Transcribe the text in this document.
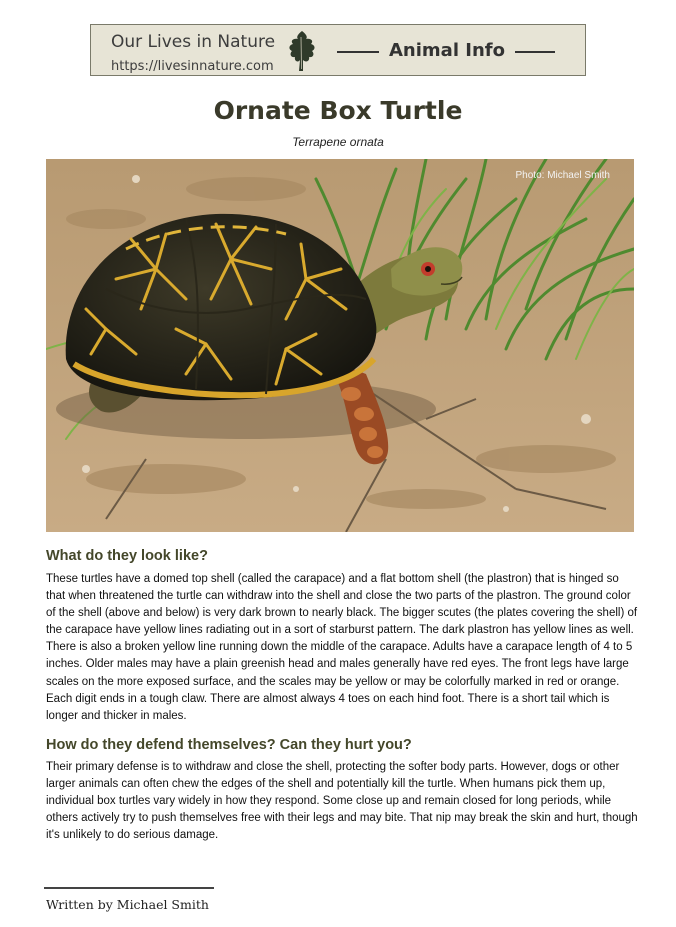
Our Lives in Nature
https://livesinnature.com
Animal Info
Ornate Box Turtle
Terrapene ornata
Photo: Michael Smith
What do they look like?

These turtles have a domed top shell (called the carapace) and a flat bottom shell (the plastron) that is hinged so that when threatened the turtle can withdraw into the shell and close the two parts of the plastron. The ground color of the shell (above and below) is very dark brown to nearly black. The bigger scutes (the plates covering the shell) of the carapace have yellow lines radiating out in a sort of starburst pattern. The dark plastron has yellow lines as well. There is also a broken yellow line running down the middle of the carapace. Adults have a carapace length of 4 to 5 inches. Older males may have a plain greenish head and males generally have red eyes. The front legs have large scales on the more exposed surface, and the scales may be yellow or may be colorfully marked in red or orange. Each digit ends in a tough claw. There are almost always 4 toes on each hind foot. There is a short tail which is longer and thicker in males.

How do they defend themselves? Can they hurt you?

Their primary defense is to withdraw and close the shell, protecting the softer body parts. However, dogs or other larger animals can often chew the edges of the shell and potentially kill the turtle. When humans pick them up, individual box turtles vary widely in how they respond. Some close up and remain closed for long periods, while others actively try to push themselves free with their legs and may bite. That nip may break the skin and hurt, though it's unlikely to do serious damage.

Written by Michael Smith
